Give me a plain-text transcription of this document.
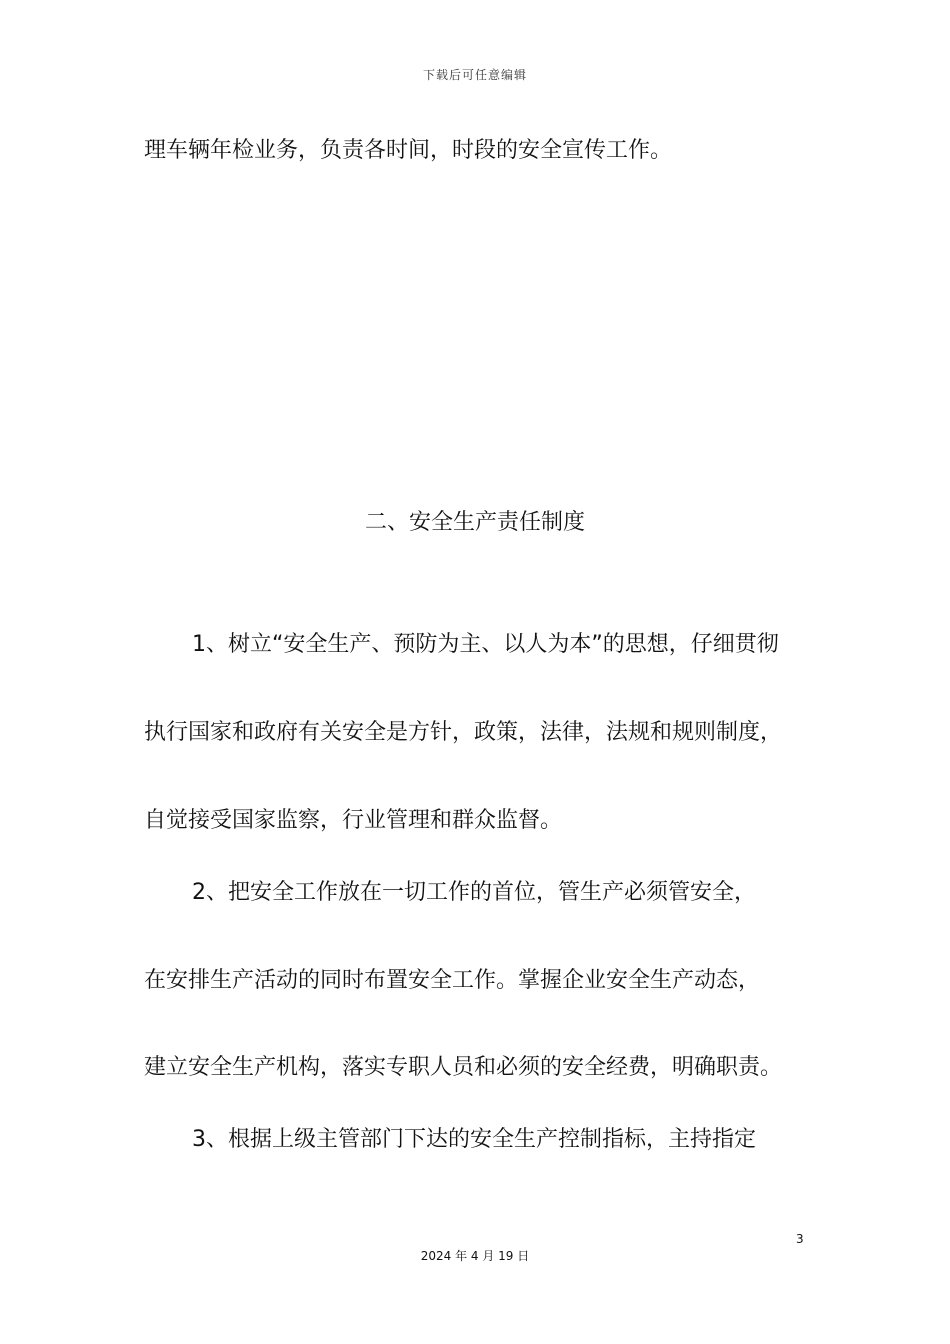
下载后可任意编辑
理车辆年检业务，负责各时间，时段的安全宣传工作。
二、安全生产责任制度
1、树立“安全生产、预防为主、以人为本”的思想，仔细贯彻
执行国家和政府有关安全是方针，政策，法律，法规和规则制度，
自觉接受国家监察，行业管理和群众监督。
2、把安全工作放在一切工作的首位，管生产必须管安全，
在安排生产活动的同时布置安全工作。掌握企业安全生产动态，
建立安全生产机构，落实专职人员和必须的安全经费，明确职责。
3、根据上级主管部门下达的安全生产控制指标，主持指定
3
2024 年 4 月 19 日
